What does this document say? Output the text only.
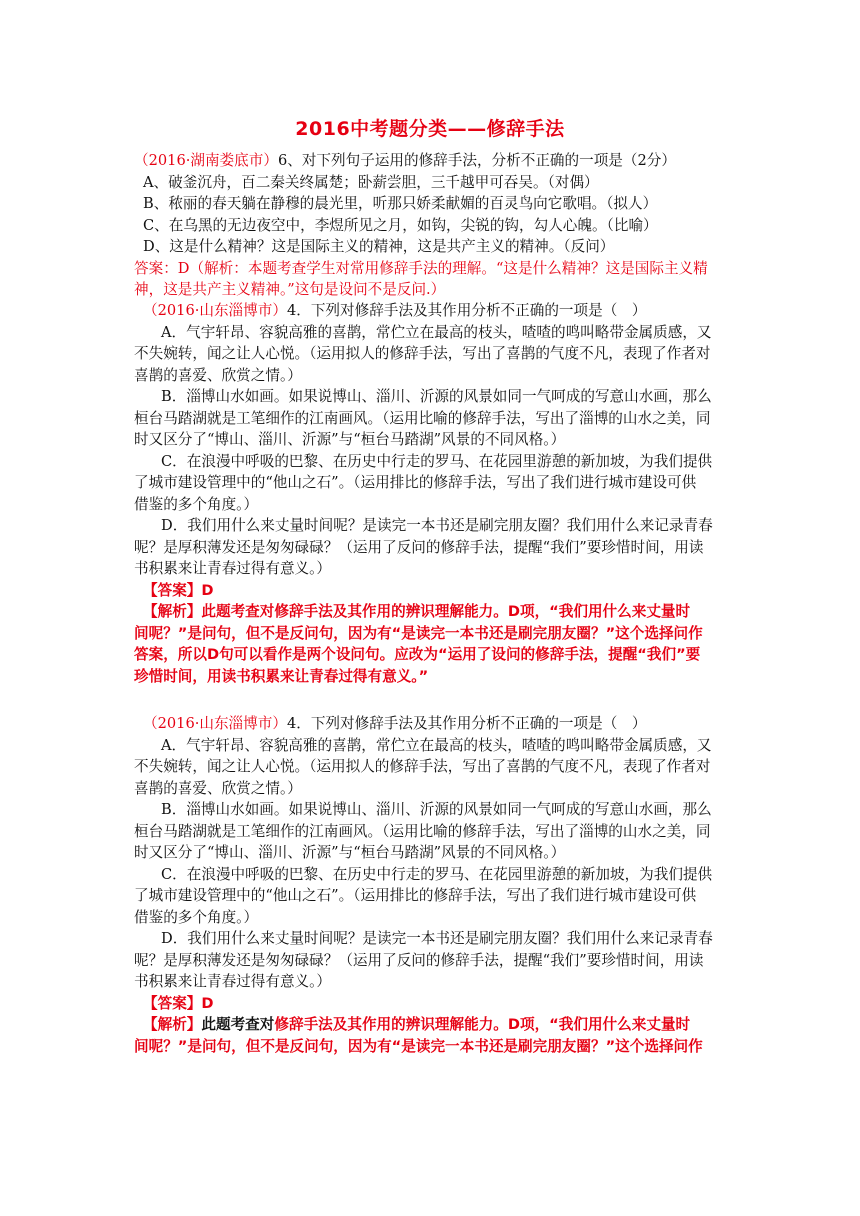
2016中考题分类——修辞手法
（2016·湖南娄底市）6、对下列句子运用的修辞手法，分析不正确的一项是（2分）
A、破釜沉舟，百二秦关终属楚；卧薪尝胆，三千越甲可吞吴。（对偶）
B、秾丽的春天躺在静穆的晨光里，听那只娇柔献媚的百灵鸟向它歌唱。（拟人）
C、在乌黑的无边夜空中，李煜所见之月，如钩，尖锐的钩，勾人心魄。（比喻）
D、这是什么精神？这是国际主义的精神，这是共产主义的精神。（反问）
答案：D（解析：本题考查学生对常用修辞手法的理解。“这是什么精神？这是国际主义精
神，这是共产主义精神。”这句是设问不是反问.）
（2016·山东淄博市）4．下列对修辞手法及其作用分析不正确的一项是（　）
A．气宇轩昂、容貌高雅的喜鹊，常伫立在最高的枝头，喳喳的鸣叫略带金属质感，又
不失婉转，闻之让人心悦。（运用拟人的修辞手法，写出了喜鹊的气度不凡，表现了作者对
喜鹊的喜爱、欣赏之情。）
B．淄博山水如画。如果说博山、淄川、沂源的风景如同一气呵成的写意山水画，那么
桓台马踏湖就是工笔细作的江南画风。（运用比喻的修辞手法，写出了淄博的山水之美，同
时又区分了“博山、淄川、沂源”与“桓台马踏湖”风景的不同风格。）
C．在浪漫中呼吸的巴黎、在历史中行走的罗马、在花园里游憩的新加坡，为我们提供
了城市建设管理中的“他山之石”。（运用排比的修辞手法，写出了我们进行城市建设可供
借鉴的多个角度。）
D．我们用什么来丈量时间呢？是读完一本书还是刷完朋友圈？我们用什么来记录青春
呢？是厚积薄发还是匆匆碌碌？（运用了反问的修辞手法，提醒“我们”要珍惜时间，用读
书积累来让青春过得有意义。）
【答案】D
【解析】此题考查对修辞手法及其作用的辨识理解能力。D项，“我们用什么来丈量时
间呢？”是问句，但不是反问句，因为有“是读完一本书还是刷完朋友圈？”这个选择问作
答案，所以D句可以看作是两个设问句。应改为“运用了设问的修辞手法，提醒“我们”要
珍惜时间，用读书积累来让青春过得有意义。”
（2016·山东淄博市）4．下列对修辞手法及其作用分析不正确的一项是（　）
A．气宇轩昂、容貌高雅的喜鹊，常伫立在最高的枝头，喳喳的鸣叫略带金属质感，又
不失婉转，闻之让人心悦。（运用拟人的修辞手法，写出了喜鹊的气度不凡，表现了作者对
喜鹊的喜爱、欣赏之情。）
B．淄博山水如画。如果说博山、淄川、沂源的风景如同一气呵成的写意山水画，那么
桓台马踏湖就是工笔细作的江南画风。（运用比喻的修辞手法，写出了淄博的山水之美，同
时又区分了“博山、淄川、沂源”与“桓台马踏湖”风景的不同风格。）
C．在浪漫中呼吸的巴黎、在历史中行走的罗马、在花园里游憩的新加坡，为我们提供
了城市建设管理中的“他山之石”。（运用排比的修辞手法，写出了我们进行城市建设可供
借鉴的多个角度。）
D．我们用什么来丈量时间呢？是读完一本书还是刷完朋友圈？我们用什么来记录青春
呢？是厚积薄发还是匆匆碌碌？（运用了反问的修辞手法，提醒“我们”要珍惜时间，用读
书积累来让青春过得有意义。）
【答案】D
【解析】此题考查对修辞手法及其作用的辨识理解能力。D项，“我们用什么来丈量时
间呢？”是问句，但不是反问句，因为有“是读完一本书还是刷完朋友圈？”这个选择问作
